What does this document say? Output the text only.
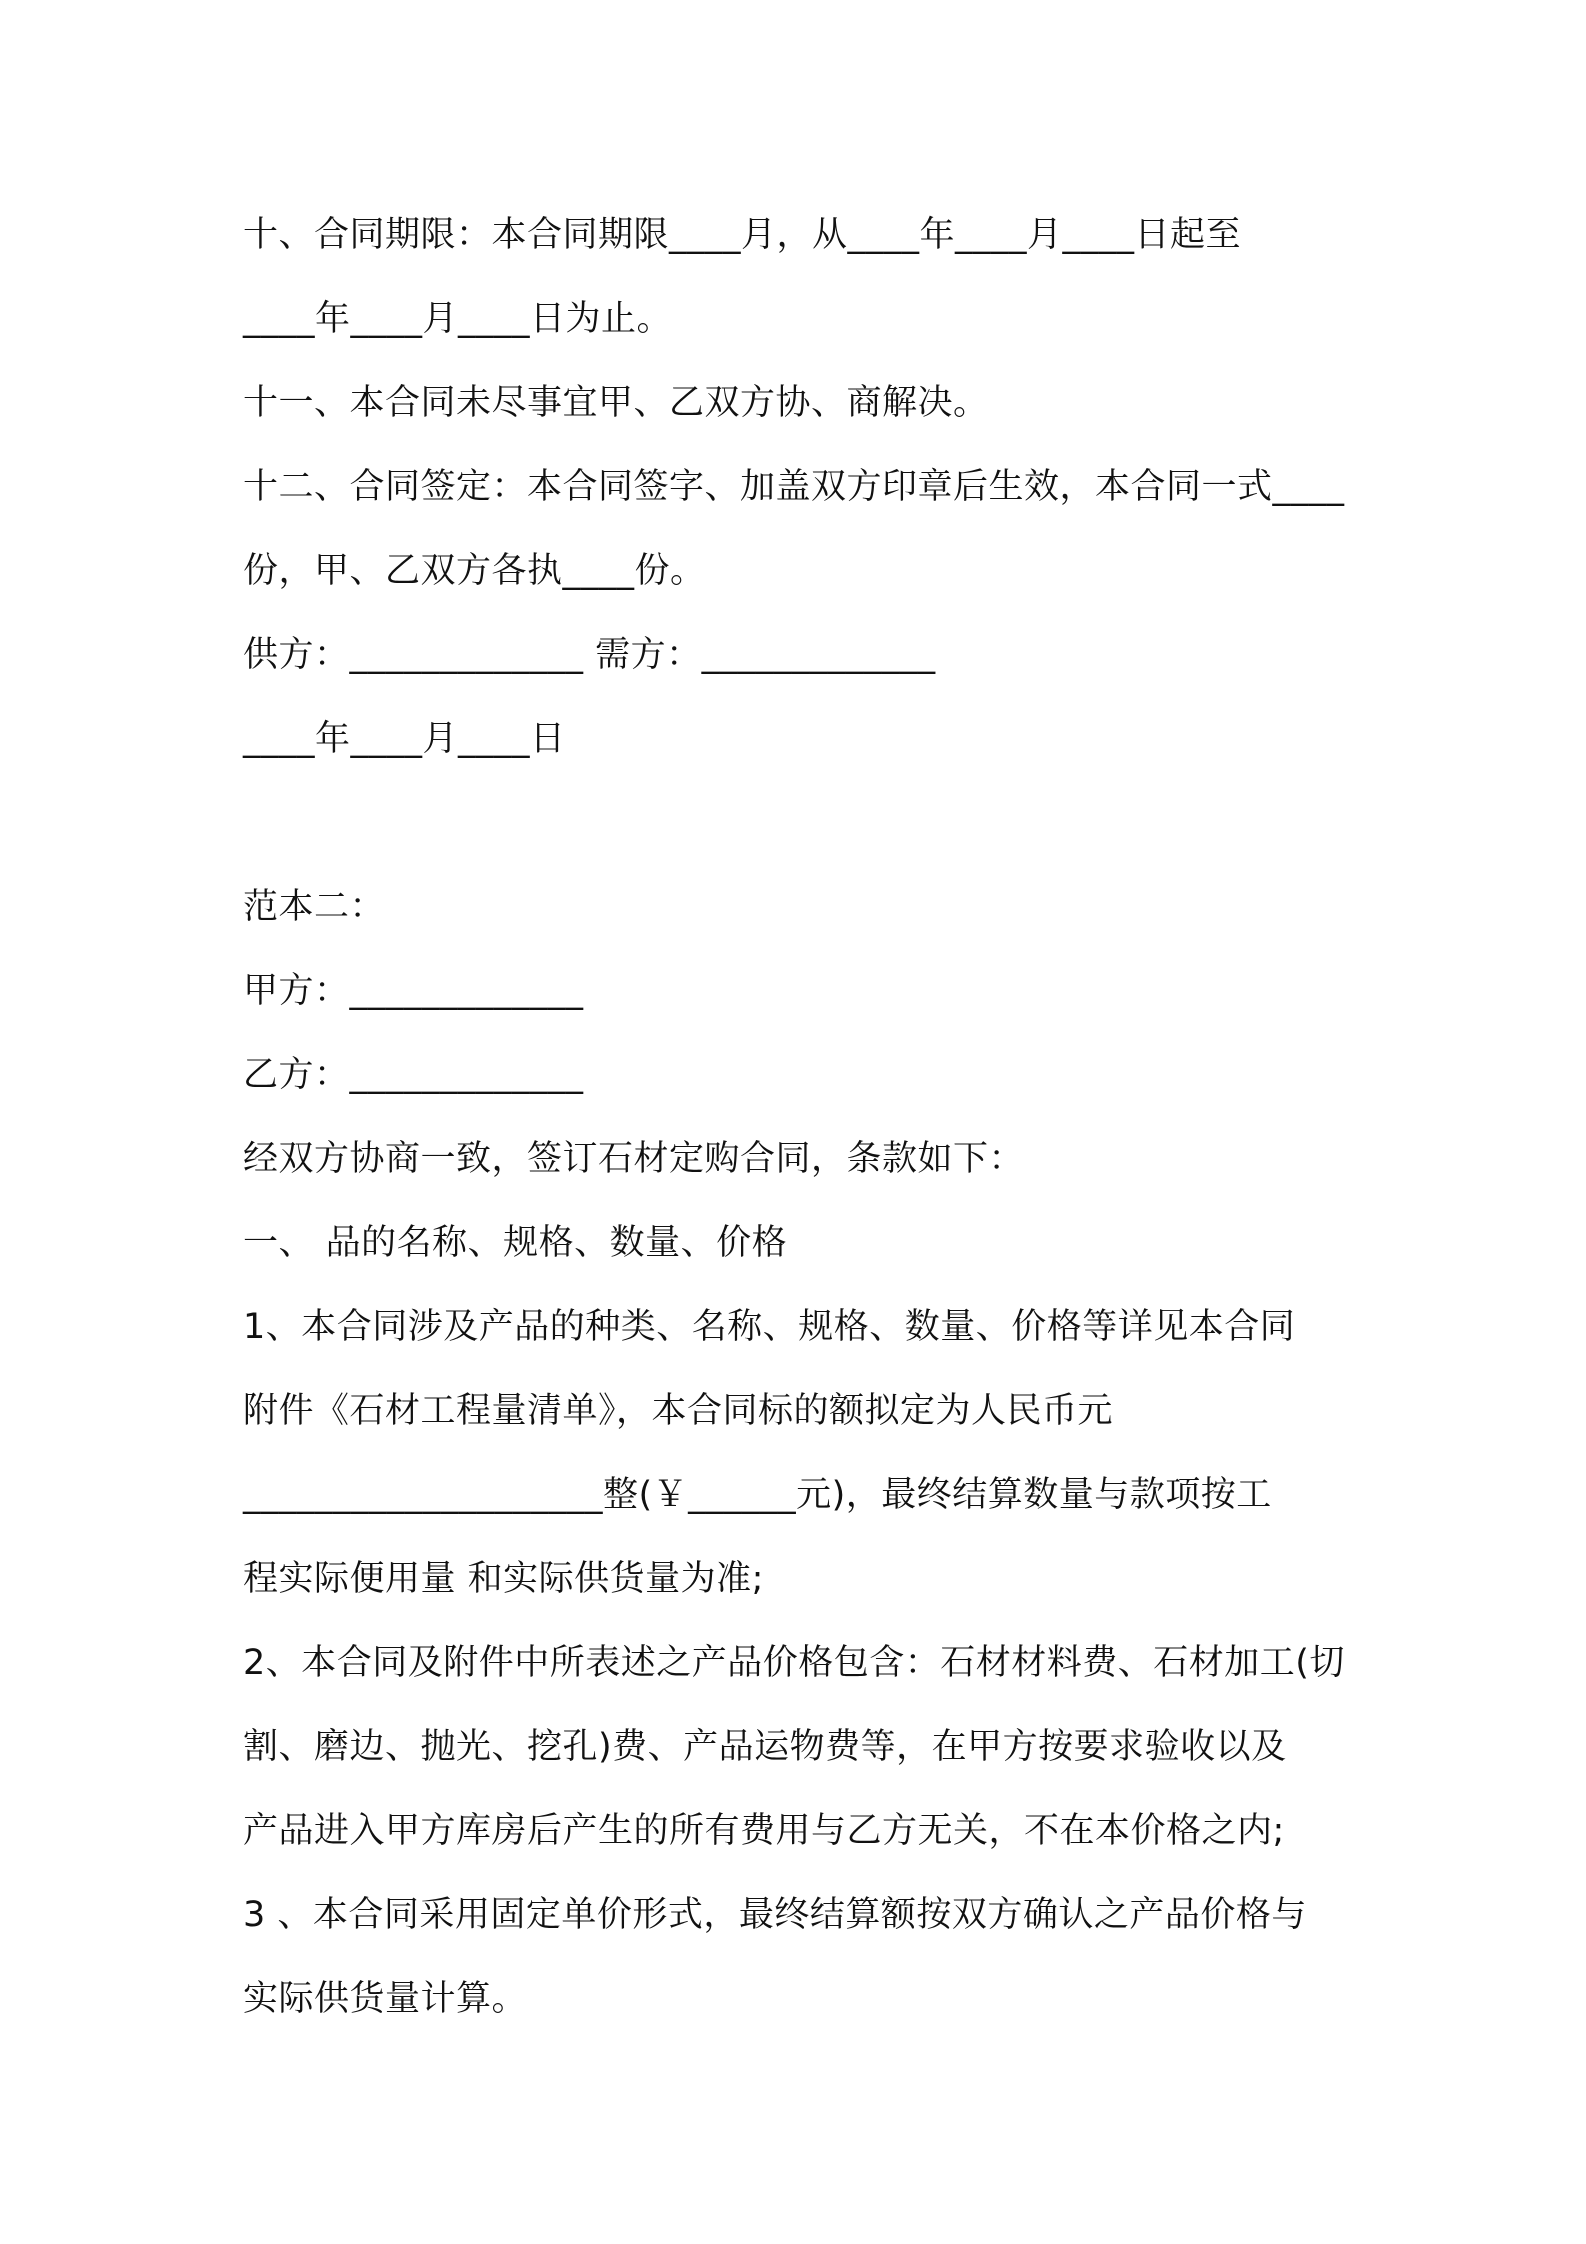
十、合同期限：本合同期限____月，从____年____月____日起至

____年____月____日为止。

十一、本合同未尽事宜甲、乙双方协、商解决。

十二、合同签定：本合同签字、加盖双方印章后生效，本合同一式____

份，甲、乙双方各执____份。

供方：_____________ 需方：_____________

____年____月____日

范本二：

甲方：_____________

乙方：_____________

经双方协商一致，签订石材定购合同，条款如下：

一、 品的名称、规格、数量、价格

1、本合同涉及产品的种类、名称、规格、数量、价格等详见本合同

附件《石材工程量清单》，本合同标的额拟定为人民币元

____________________整(￥______元)，最终结算数量与款项按工

程实际便用量 和实际供货量为准;

2、本合同及附件中所表述之产品价格包含：石材材料费、石材加工(切

割、磨边、抛光、挖孔)费、产品运物费等，在甲方按要求验收以及

产品进入甲方库房后产生的所有费用与乙方无关，不在本价格之内;

3 、本合同采用固定单价形式，最终结算额按双方确认之产品价格与

实际供货量计算。
